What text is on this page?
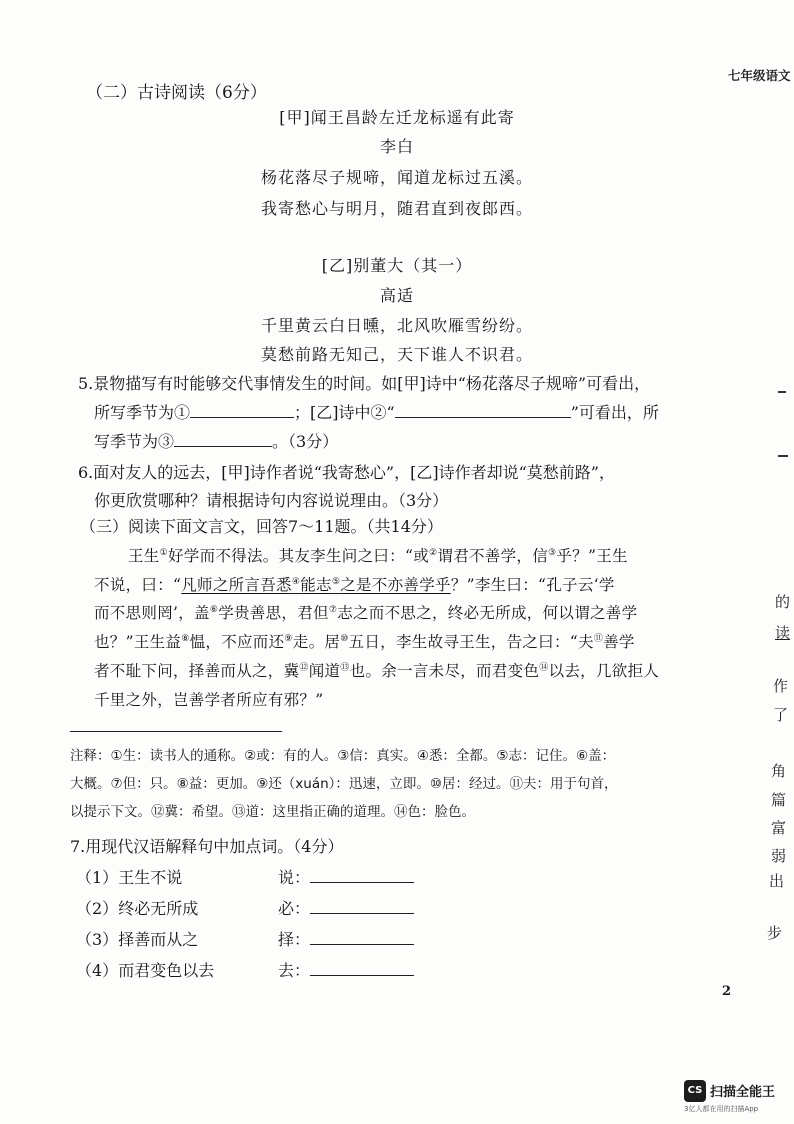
七年级语文
（二）古诗阅读（6分）
[甲]闻王昌龄左迁龙标遥有此寄
李白
杨花落尽子规啼，闻道龙标过五溪。
我寄愁心与明月，随君直到夜郎西。
[乙]别董大（其一）
高适
千里黄云白日曛，北风吹雁雪纷纷。
莫愁前路无知己，天下谁人不识君。
5.景物描写有时能够交代事情发生的时间。如[甲]诗中“杨花落尽子规啼”可看出，
所写季节为①	；[乙]诗中②“	”可看出，所
写季节为③	。（3分）
6.面对友人的远去，[甲]诗作者说“我寄愁心”，[乙]诗作者却说“莫愁前路”，
你更欣赏哪种？请根据诗句内容说说理由。（3分）
（三）阅读下面文言文，回答7～11题。（共14分）
王生①好学而不得法。其友李生问之曰：“或②谓君不善学，信③乎？”王生
不说，曰：“凡师之所言吾悉④能志⑤之是不亦善学乎？”李生曰：“孔子云‘学
而不思则罔’，盖⑥学贵善思，君但⑦志之而不思之，终必无所成，何以谓之善学
也？”王生益⑧愠，不应而还⑨走。居⑩五日，李生故寻王生，告之曰：“夫⑪善学
者不耻下问，择善而从之，冀⑫闻道⑬也。余一言未尽，而君变色⑭以去，几欲拒人
千里之外，岂善学者所应有邪？”
注释：①生：读书人的通称。②或：有的人。③信：真实。④悉：全都。⑤志：记住。⑥盖：
大概。⑦但：只。⑧益：更加。⑨还（xuán）：迅速，立即。⑩居：经过。⑪夫：用于句首，
以提示下文。⑫冀：希望。⑬道：这里指正确的道理。⑭色：脸色。
7.用现代汉语解释句中加点词。（4分）
（1）王生不说	说：
（2）终必无所成	必：
（3）择善而从之	择：
（4）而君变色以去	去：
2
的
读
作
了
角
篇
富
弱
出
步
CS 扫描全能王
3亿人都在用的扫描App
